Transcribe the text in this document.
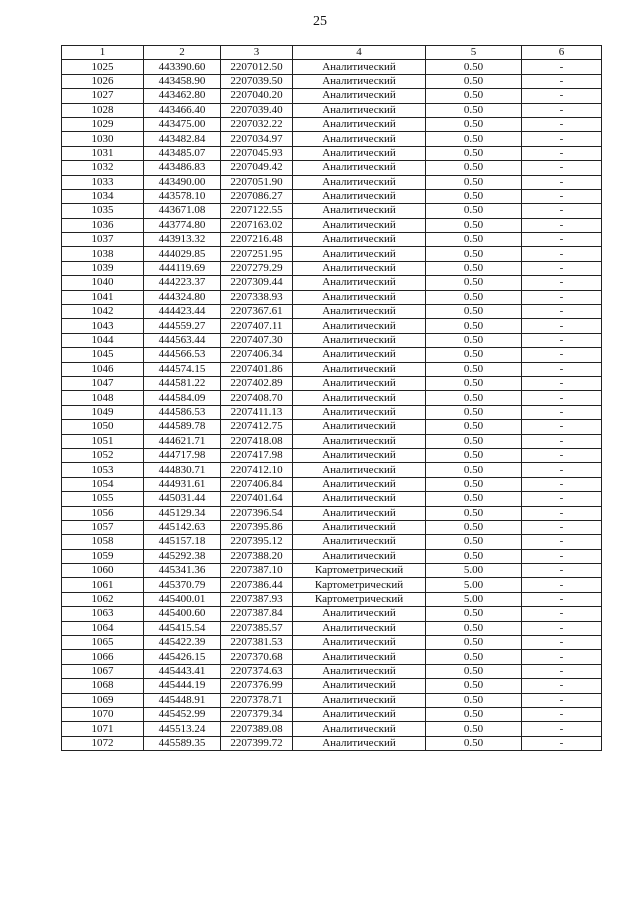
25
1	2	3	4	5	6
1025	443390.60	2207012.50	Аналитический	0.50	-
1026	443458.90	2207039.50	Аналитический	0.50	-
1027	443462.80	2207040.20	Аналитический	0.50	-
1028	443466.40	2207039.40	Аналитический	0.50	-
1029	443475.00	2207032.22	Аналитический	0.50	-
1030	443482.84	2207034.97	Аналитический	0.50	-
1031	443485.07	2207045.93	Аналитический	0.50	-
1032	443486.83	2207049.42	Аналитический	0.50	-
1033	443490.00	2207051.90	Аналитический	0.50	-
1034	443578.10	2207086.27	Аналитический	0.50	-
1035	443671.08	2207122.55	Аналитический	0.50	-
1036	443774.80	2207163.02	Аналитический	0.50	-
1037	443913.32	2207216.48	Аналитический	0.50	-
1038	444029.85	2207251.95	Аналитический	0.50	-
1039	444119.69	2207279.29	Аналитический	0.50	-
1040	444223.37	2207309.44	Аналитический	0.50	-
1041	444324.80	2207338.93	Аналитический	0.50	-
1042	444423.44	2207367.61	Аналитический	0.50	-
1043	444559.27	2207407.11	Аналитический	0.50	-
1044	444563.44	2207407.30	Аналитический	0.50	-
1045	444566.53	2207406.34	Аналитический	0.50	-
1046	444574.15	2207401.86	Аналитический	0.50	-
1047	444581.22	2207402.89	Аналитический	0.50	-
1048	444584.09	2207408.70	Аналитический	0.50	-
1049	444586.53	2207411.13	Аналитический	0.50	-
1050	444589.78	2207412.75	Аналитический	0.50	-
1051	444621.71	2207418.08	Аналитический	0.50	-
1052	444717.98	2207417.98	Аналитический	0.50	-
1053	444830.71	2207412.10	Аналитический	0.50	-
1054	444931.61	2207406.84	Аналитический	0.50	-
1055	445031.44	2207401.64	Аналитический	0.50	-
1056	445129.34	2207396.54	Аналитический	0.50	-
1057	445142.63	2207395.86	Аналитический	0.50	-
1058	445157.18	2207395.12	Аналитический	0.50	-
1059	445292.38	2207388.20	Аналитический	0.50	-
1060	445341.36	2207387.10	Картометрический	5.00	-
1061	445370.79	2207386.44	Картометрический	5.00	-
1062	445400.01	2207387.93	Картометрический	5.00	-
1063	445400.60	2207387.84	Аналитический	0.50	-
1064	445415.54	2207385.57	Аналитический	0.50	-
1065	445422.39	2207381.53	Аналитический	0.50	-
1066	445426.15	2207370.68	Аналитический	0.50	-
1067	445443.41	2207374.63	Аналитический	0.50	-
1068	445444.19	2207376.99	Аналитический	0.50	-
1069	445448.91	2207378.71	Аналитический	0.50	-
1070	445452.99	2207379.34	Аналитический	0.50	-
1071	445513.24	2207389.08	Аналитический	0.50	-
1072	445589.35	2207399.72	Аналитический	0.50	-
